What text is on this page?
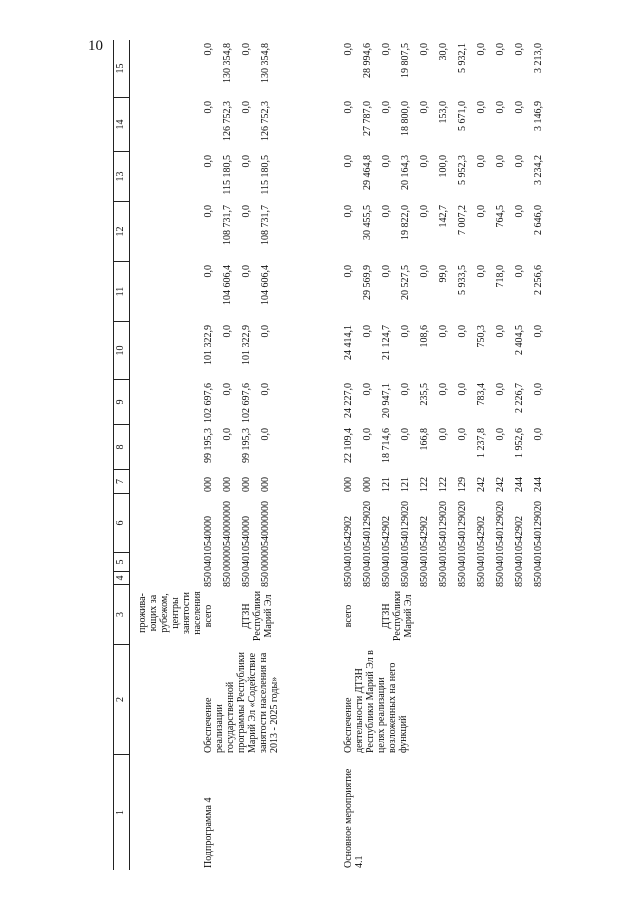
10
1
2
3
4
5
6
7
8
9
10
11
12
13
14
15
прожива-ющих за рубежом, центры занятости населения
Подпрограмма 4
Обеспечение реализации государственной программы Республики Марий Эл «Содействие занятости населения на 2013 - 2025 годы»
всего
850
0401
0540000
000
99 195,3
102 697,6
101 322,9
0,0
0,0
0,0
0,0
0,0
850
0000
0540000000
000
0,0
0,0
0,0
104 606,4
108 731,7
115 180,5
126 752,3
130 354,8
ДТЗН Республики Марий Эл
850
0401
0540000
000
99 195,3
102 697,6
101 322,9
0,0
0,0
0,0
0,0
0,0
850
0000
0540000000
000
0,0
0,0
0,0
104 606,4
108 731,7
115 180,5
126 752,3
130 354,8
Основное мероприятие 4.1
Обеспечение деятельности ДТЗН Республики Марий Эл в целях реализации возложенных на него функций
всего
850
0401
0542902
000
22 109,4
24 227,0
24 414,1
0,0
0,0
0,0
0,0
0,0
850
0401
0540129020
000
0,0
0,0
0,0
29 569,9
30 455,5
29 464,8
27 787,0
28 994,6
ДТЗН Республики Марий Эл
850
0401
0542902
121
18 714,6
20 947,1
21 124,7
0,0
0,0
0,0
0,0
0,0
850
0401
0540129020
121
0,0
0,0
0,0
20 527,5
19 822,0
20 164,3
18 800,0
19 807,5
850
0401
0542902
122
166,8
235,5
108,6
0,0
0,0
0,0
0,0
0,0
850
0401
0540129020
122
0,0
0,0
0,0
99,0
142,7
100,0
153,0
30,0
850
0401
0540129020
129
0,0
0,0
0,0
5 933,5
7 007,2
5 952,3
5 671,0
5 932,1
850
0401
0542902
242
1 237,8
783,4
750,3
0,0
0,0
0,0
0,0
0,0
850
0401
0540129020
242
0,0
0,0
0,0
718,0
764,5
0,0
0,0
0,0
850
0401
0542902
244
1 952,6
2 226,7
2 404,5
0,0
0,0
0,0
0,0
0,0
850
0401
0540129020
244
0,0
0,0
0,0
2 256,6
2 646,0
3 234,2
3 146,9
3 213,0
